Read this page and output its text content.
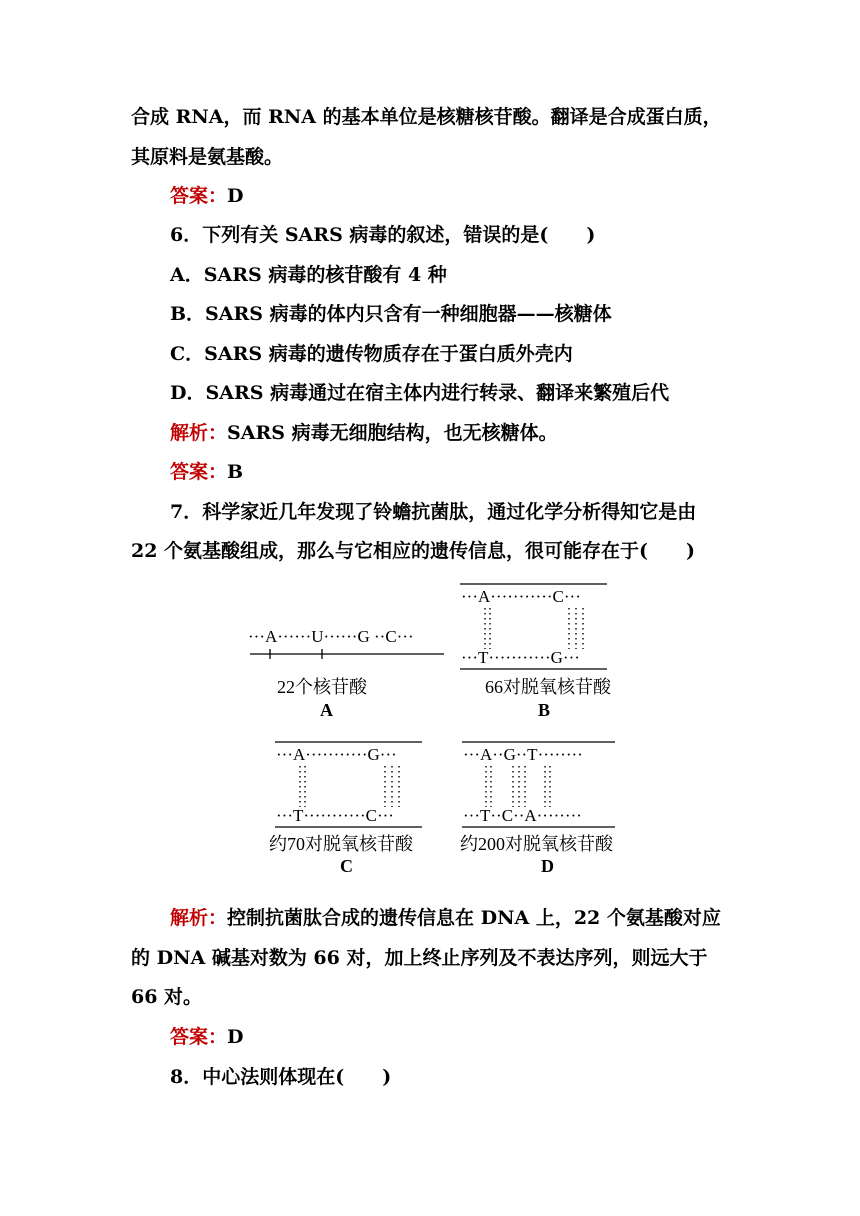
合成 RNA，而 RNA 的基本单位是核糖核苷酸。翻译是合成蛋白质，
其原料是氨基酸。
答案：D
6．下列有关 SARS 病毒的叙述，错误的是(　　)
A．SARS 病毒的核苷酸有 4 种
B．SARS 病毒的体内只含有一种细胞器——核糖体
C．SARS 病毒的遗传物质存在于蛋白质外壳内
D．SARS 病毒通过在宿主体内进行转录、翻译来繁殖后代
解析：SARS 病毒无细胞结构，也无核糖体。
答案：B
7．科学家近几年发现了铃蟾抗菌肽，通过化学分析得知它是由
22 个氨基酸组成，那么与它相应的遗传信息，很可能存在于(　　)
···A······U······G ··C···
22个核苷酸
A
···A···········C···
···T···········G···
66对脱氧核苷酸
B
···A···········G···
···T···········C···
约70对脱氧核苷酸
C
···A··G··T········
···T··C··A········
约200对脱氧核苷酸
D
解析：控制抗菌肽合成的遗传信息在 DNA 上，22 个氨基酸对应
的 DNA 碱基对数为 66 对，加上终止序列及不表达序列，则远大于
66 对。
答案：D
8．中心法则体现在(　　)
